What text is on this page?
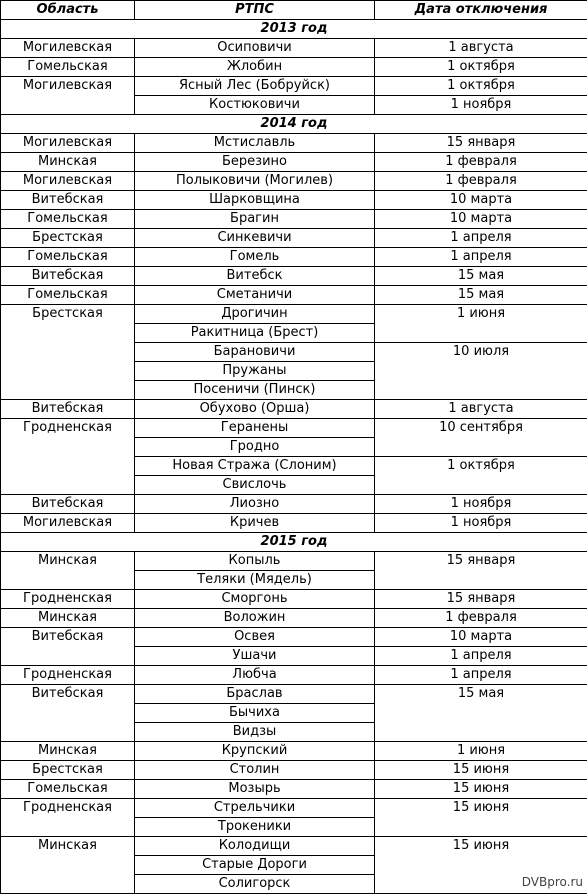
Область	РТПС	Дата отключения
2013 год		
Могилевская	Осиповичи	1 августа
Гомельская	Жлобин	1 октября
Могилевская	Ясный Лес (Бобруйск)	1 октября
	Костюковичи	1 ноября
2014 год		
Могилевская	Мстиславль	15 января
Минская	Березино	1 февраля
Могилевская	Полыковичи (Могилев)	1 февраля
Витебская	Шарковщина	10 марта
Гомельская	Брагин	10 марта
Брестская	Синкевичи	1 апреля
Гомельская	Гомель	1 апреля
Витебская	Витебск	15 мая
Гомельская	Сметаничи	15 мая
Брестская	Дрогичин	1 июня
	Ракитница (Брест)	
	Барановичи	10 июля
	Пружаны	
	Посеничи (Пинск)	
Витебская	Обухово (Орша)	1 августа
Гродненская	Геранены	10 сентября
	Гродно	
	Новая Стража (Слоним)	1 октября
	Свислочь	
Витебская	Лиозно	1 ноября
Могилевская	Кричев	1 ноября
2015 год		
Минская	Копыль	15 января
	Теляки (Мядель)	
Гродненская	Сморгонь	15 января
Минская	Воложин	1 февраля
Витебская	Освея	10 марта
	Ушачи	1 апреля
Гродненская	Любча	1 апреля
Витебская	Браслав	15 мая
	Бычиха	
	Видзы	
Минская	Крупский	1 июня
Брестская	Столин	15 июня
Гомельская	Мозырь	15 июня
Гродненская	Стрельчики	15 июня
	Трокеники	
Минская	Колодищи	15 июня
	Старые Дороги	
	Солигорск		DVBpro.ru
